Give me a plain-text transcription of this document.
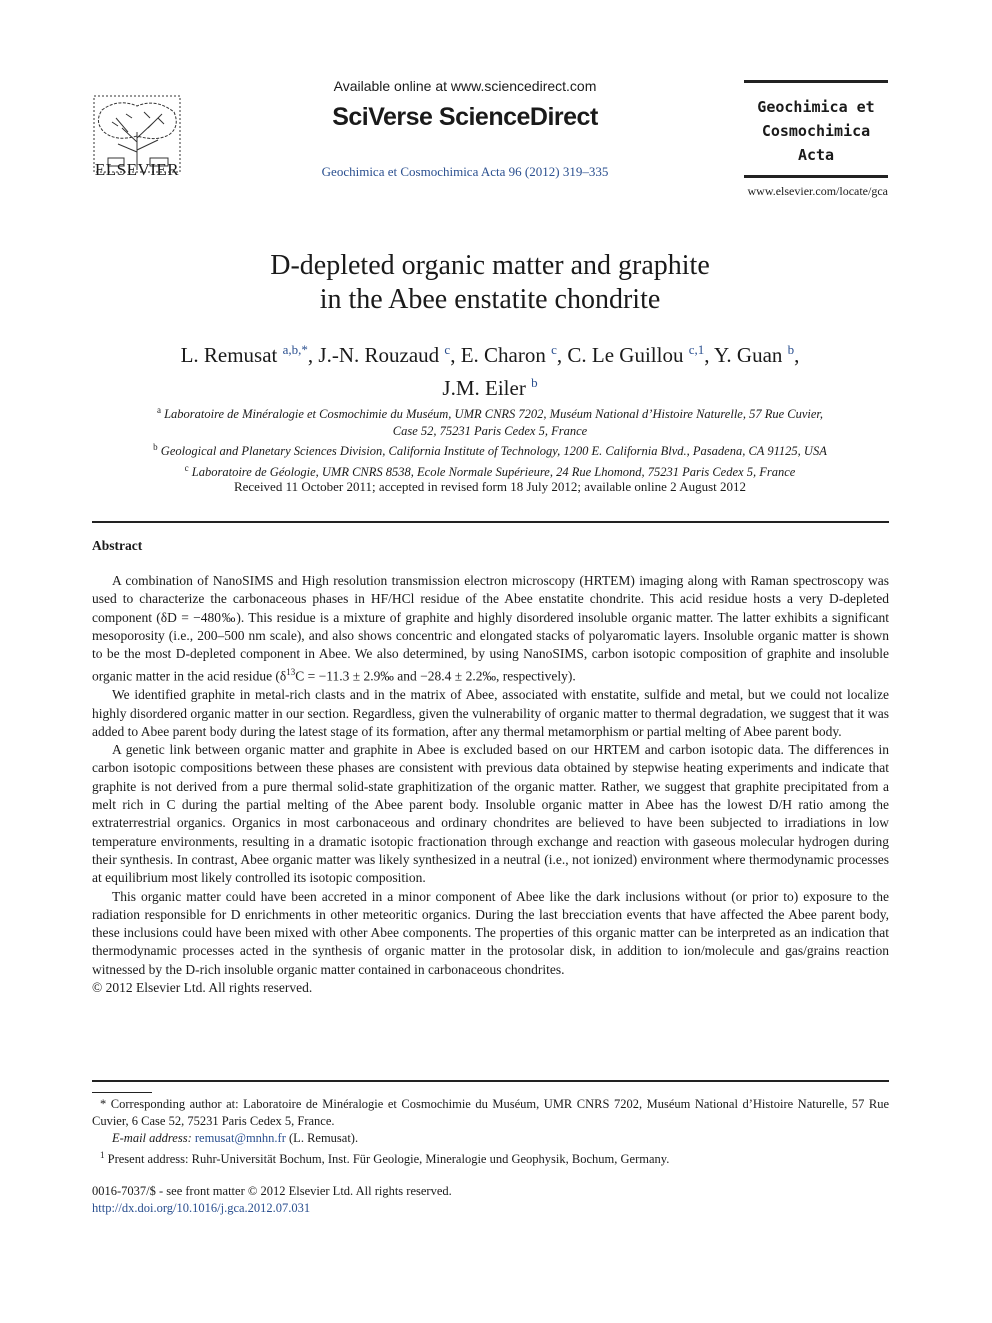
ELSEVIER
Available online at www.sciencedirect.com
SciVerse ScienceDirect
Geochimica et Cosmochimica Acta 96 (2012) 319–335
Geochimica et
Cosmochimica
Acta
www.elsevier.com/locate/gca
D-depleted organic matter and graphite
in the Abee enstatite chondrite
L. Remusat $^{a,b,*}$, J.-N. Rouzaud $^c$, E. Charon $^c$, C. Le Guillou $^{c,1}$, Y. Guan $^b$,
J.M. Eiler $^b$
$^a$ Laboratoire de Minéralogie et Cosmochimie du Muséum, UMR CNRS 7202, Muséum National d’Histoire Naturelle, 57 Rue Cuvier,
Case 52, 75231 Paris Cedex 5, France
$^b$ Geological and Planetary Sciences Division, California Institute of Technology, 1200 E. California Blvd., Pasadena, CA 91125, USA
$^c$ Laboratoire de Géologie, UMR CNRS 8538, Ecole Normale Supérieure, 24 Rue Lhomond, 75231 Paris Cedex 5, France
Received 11 October 2011; accepted in revised form 18 July 2012; available online 2 August 2012
Abstract

A combination of NanoSIMS and High resolution transmission electron microscopy (HRTEM) imaging along with Raman spectroscopy was used to characterize the carbonaceous phases in HF/HCl residue of the Abee enstatite chondrite. This acid residue hosts a very D-depleted component (δD = −480‰). This residue is a mixture of graphite and highly disordered insoluble organic matter. The latter exhibits a significant mesoporosity (i.e., 200–500 nm scale), and also shows concentric and elongated stacks of polyaromatic layers. Insoluble organic matter is shown to be the most D-depleted component in Abee. We also determined, by using NanoSIMS, carbon isotopic composition of graphite and insoluble organic matter in the acid residue ($\delta^{13}C = -11.3$ ± 2.9‰ and −28.4 ± 2.2‰, respectively).

We identified graphite in metal-rich clasts and in the matrix of Abee, associated with enstatite, sulfide and metal, but we could not localize highly disordered organic matter in our section. Regardless, given the vulnerability of organic matter to thermal degradation, we suggest that it was added to Abee parent body during the latest stage of its formation, after any thermal metamorphism or partial melting of Abee parent body.

A genetic link between organic matter and graphite in Abee is excluded based on our HRTEM and carbon isotopic data. The differences in carbon isotopic compositions between these phases are consistent with previous data obtained by stepwise heating experiments and indicate that graphite is not derived from a pure thermal solid-state graphitization of the organic matter. Rather, we suggest that graphite precipitated from a melt rich in C during the partial melting of the Abee parent body. Insoluble organic matter in Abee has the lowest D/H ratio among the extraterrestrial organics. Organics in most carbonaceous and ordinary chondrites are believed to have been subjected to irradiations in low temperature environments, resulting in a dramatic isotopic fractionation through exchange and reaction with gaseous molecular hydrogen during their synthesis. In contrast, Abee organic matter was likely synthesized in a neutral (i.e., not ionized) environment where thermodynamic processes at equilibrium most likely controlled its isotopic composition.

This organic matter could have been accreted in a minor component of Abee like the dark inclusions without (or prior to) exposure to the radiation responsible for D enrichments in other meteoritic organics. During the last brecciation events that have affected the Abee parent body, these inclusions could have been mixed with other Abee components. The properties of this organic matter can be interpreted as an indication that thermodynamic processes acted in the synthesis of organic matter in the protosolar disk, in addition to ion/molecule and gas/grains reaction witnessed by the D-rich insoluble organic matter contained in carbonaceous chondrites.

© 2012 Elsevier Ltd. All rights reserved.

* Corresponding author at: Laboratoire de Minéralogie et Cosmochimie du Muséum, UMR CNRS 7202, Muséum National d’Histoire Naturelle, 57 Rue Cuvier, 6 Case 52, 75231 Paris Cedex 5, France.

E-mail address: remusat@mnhn.fr (L. Remusat).

$^1$ Present address: Ruhr-Universität Bochum, Inst. Für Geologie, Mineralogie und Geophysik, Bochum, Germany.

0016-7037/$ - see front matter © 2012 Elsevier Ltd. All rights reserved.
http://dx.doi.org/10.1016/j.gca.2012.07.031
